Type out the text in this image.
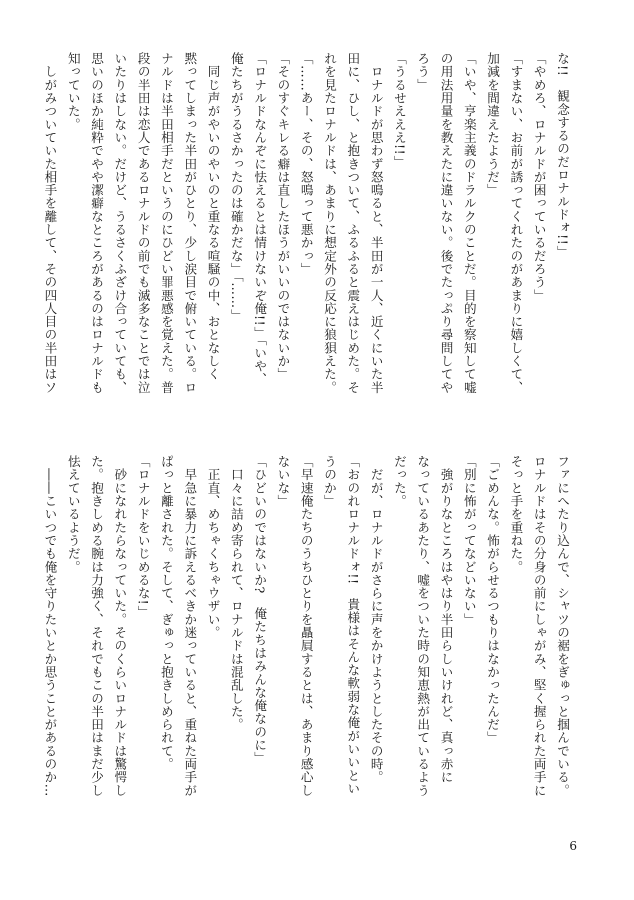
な!!　観念するのだロナルドォ!!」
「やめろ、ロナルドが困っているだろう」
「すまない、お前が誘ってくれたのがあまりに嬉しくて、
加減を間違えたようだ」
「いや、亨楽主義のドラルクのことだ。目的を察知して嘘
の用法用量を教えたに違いない。後でたっぷり尋問してや
ろう」
「うるせえええ!!」
　ロナルドが思わず怒鳴ると、半田が一人、近くにいた半
田に、ひし、と抱きついて、ふるふると震えはじめた。そ
れを見たロナルドは、あまりに想定外の反応に狼狽えた。
「……あー、その、怒鳴って悪かっ」
「そのすぐキレる癖は直したほうがいいのではないか」
「ロナルドなんぞに怯えるとは情けないぞ俺!!」「いや、
俺たちがうるさかったのは確かだな」「……」
　同じ声がやいのやいのと重なる喧騒の中、おとなしく
黙ってしまった半田がひとり、少し涙目で俯いている。ロ
ナルドは半田相手だというのにひどい罪悪感を覚えた。普
段の半田は恋人であるロナルドの前でも滅多なことでは泣
いたりはしない。だけど、うるさくふざけ合っていても、
思いのほか純粋でやや潔癖なところがあるのはロナルドも
知っていた。
　しがみついていた相手を離して、その四人目の半田はソ
ファにへたり込んで、シャツの裾をぎゅっと掴んでいる。
ロナルドはその分身の前にしゃがみ、堅く握られた両手に
そっと手を重ねた。
「ごめんな。怖がらせるつもりはなかったんだ」
「別に怖がってなどいない」
　強がりなところはやはり半田らしいけれど、真っ赤に
なっているあたり、嘘をついた時の知恵熱が出ているよう
だった。
　だが、ロナルドがさらに声をかけようとしたその時。
「おのれロナルドォ!!　貴様はそんな軟弱な俺がいいとい
うのか」
「早速俺たちのうちひとりを贔屓するとは、あまり感心し
ないな」
「ひどいのではないか?　俺たちはみんな俺なのに」
　口々に詰め寄られて、ロナルドは混乱した。
　正直、めちゃくちゃウザい。
　早急に暴力に訴えるべきか迷っていると、重ねた両手が
ぱっと離された。そして、ぎゅっと抱きしめられて。
「ロナルドをいじめるな!」
　砂になれたらなっていた。そのくらいロナルドは驚愕し
た。抱きしめる腕は力強く、それでもこの半田はまだ少し
怯えているようだ。
　――こいつでも俺を守りたいとか思うことがあるのか…
6
